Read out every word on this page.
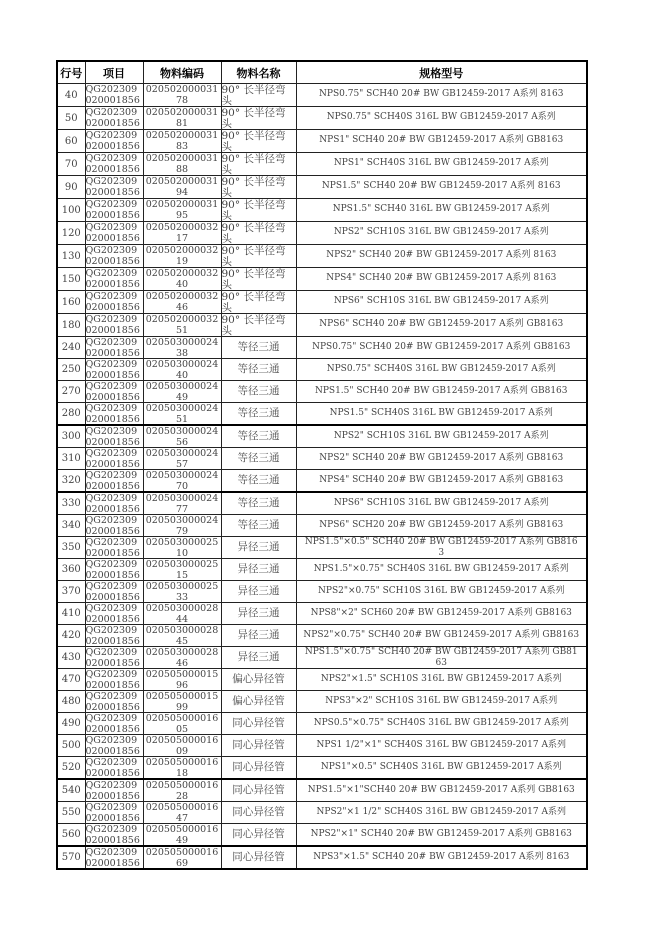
行号	项目	物料编码	物料名称	规格型号

40	QG202309020001856	02050200003178	90° 长半径弯头	NPS0.75" SCH40 20# BW GB12459-2017 A系列 8163

50	QG202309020001856	02050200003181	90° 长半径弯头	NPS0.75" SCH40S 316L BW GB12459-2017 A系列

60	QG202309020001856	02050200003183	90° 长半径弯头	NPS1" SCH40 20# BW GB12459-2017 A系列 GB8163

70	QG202309020001856	02050200003188	90° 长半径弯头	NPS1" SCH40S 316L BW GB12459-2017 A系列

90	QG202309020001856	02050200003194	90° 长半径弯头	NPS1.5" SCH40 20# BW GB12459-2017 A系列 8163

100	QG202309020001856	02050200003195	90° 长半径弯头	NPS1.5" SCH40 316L BW GB12459-2017 A系列

120	QG202309020001856	02050200003217	90° 长半径弯头	NPS2" SCH10S 316L BW GB12459-2017 A系列

130	QG202309020001856	02050200003219	90° 长半径弯头	NPS2" SCH40 20# BW GB12459-2017 A系列 8163

150	QG202309020001856	02050200003240	90° 长半径弯头	NPS4" SCH40 20# BW GB12459-2017 A系列 8163

160	QG202309020001856	02050200003246	90° 长半径弯头	NPS6" SCH10S 316L BW GB12459-2017 A系列

180	QG202309020001856	02050200003251	90° 长半径弯头	NPS6" SCH40 20# BW GB12459-2017 A系列 GB8163

240	QG202309020001856	02050300002438	等径三通	NPS0.75" SCH40 20# BW GB12459-2017 A系列 GB8163

250	QG202309020001856	02050300002440	等径三通	NPS0.75" SCH40S 316L BW GB12459-2017 A系列

270	QG202309020001856	02050300002449	等径三通	NPS1.5" SCH40 20# BW GB12459-2017 A系列 GB8163

280	QG202309020001856	02050300002451	等径三通	NPS1.5" SCH40S 316L BW GB12459-2017 A系列

300	QG202309020001856	02050300002456	等径三通	NPS2" SCH10S 316L BW GB12459-2017 A系列

310	QG202309020001856	02050300002457	等径三通	NPS2" SCH40 20# BW GB12459-2017 A系列 GB8163

320	QG202309020001856	02050300002470	等径三通	NPS4" SCH40 20# BW GB12459-2017 A系列 GB8163

330	QG202309020001856	02050300002477	等径三通	NPS6" SCH10S 316L BW GB12459-2017 A系列

340	QG202309020001856	02050300002479	等径三通	NPS6" SCH20 20# BW GB12459-2017 A系列 GB8163

350	QG202309020001856	02050300002510	异径三通	NPS1.5"×0.5" SCH40 20# BW GB12459-2017 A系列 GB8163

360	QG202309020001856	02050300002515	异径三通	NPS1.5"×0.75" SCH40S 316L BW GB12459-2017 A系列

370	QG202309020001856	02050300002533	异径三通	NPS2"×0.75" SCH10S 316L BW GB12459-2017 A系列

410	QG202309020001856	02050300002844	异径三通	NPS8"×2" SCH60 20# BW GB12459-2017 A系列 GB8163

420	QG202309020001856	02050300002845	异径三通	NPS2"×0.75" SCH40 20# BW GB12459-2017 A系列 GB8163

430	QG202309020001856	02050300002846	异径三通	NPS1.5"×0.75" SCH40 20# BW GB12459-2017 A系列 GB8163

470	QG202309020001856	02050500001596	偏心异径管	NPS2"×1.5" SCH10S 316L BW GB12459-2017 A系列

480	QG202309020001856	02050500001599	偏心异径管	NPS3"×2" SCH10S 316L BW GB12459-2017 A系列

490	QG202309020001856	02050500001605	同心异径管	NPS0.5"×0.75" SCH40S 316L BW GB12459-2017 A系列

500	QG202309020001856	02050500001609	同心异径管	NPS1 1/2"×1" SCH40S 316L BW GB12459-2017 A系列

520	QG202309020001856	02050500001618	同心异径管	NPS1"×0.5" SCH40S 316L BW GB12459-2017 A系列

540	QG202309020001856	02050500001628	同心异径管	NPS1.5"×1"SCH40 20# BW GB12459-2017 A系列 GB8163

550	QG202309020001856	02050500001647	同心异径管	NPS2"×1 1/2" SCH40S 316L BW GB12459-2017 A系列

560	QG202309020001856	02050500001649	同心异径管	NPS2"×1" SCH40 20# BW GB12459-2017 A系列 GB8163

570	QG202309020001856	02050500001669	同心异径管	NPS3"×1.5" SCH40 20# BW GB12459-2017 A系列 8163
